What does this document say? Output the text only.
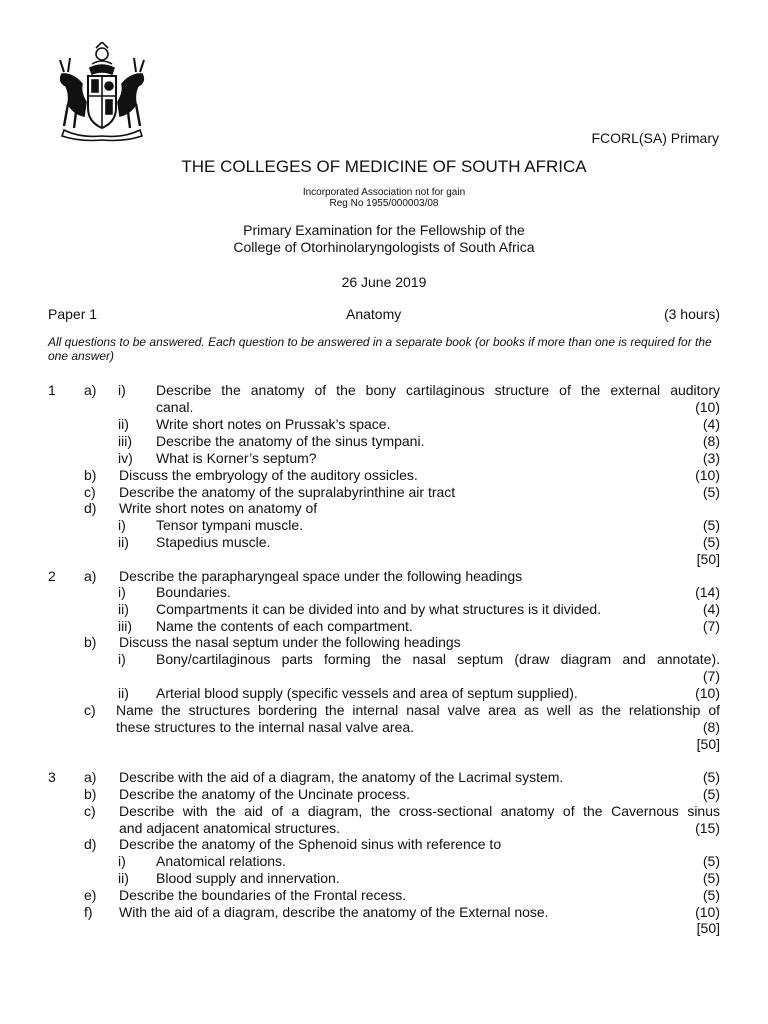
FCORL(SA) Primary
THE COLLEGES OF MEDICINE OF SOUTH AFRICA
Incorporated Association not for gain
Reg No 1955/000003/08
Primary Examination for the Fellowship of the
College of Otorhinolaryngologists of South Africa
26 June 2019
Paper 1	Anatomy	(3 hours)
All questions to be answered. Each question to be answered in a separate book (or books if more than one is required for the one answer)
1 a) i) Describe the anatomy of the bony cartilaginous structure of the external auditory
canal.	(10)
ii) Write short notes on Prussak’s space.	(4)
iii) Describe the anatomy of the sinus tympani.	(8)
iv) What is Korner’s septum?	(3)
b) Discuss the embryology of the auditory ossicles.	(10)
c) Describe the anatomy of the supralabyrinthine air tract	(5)
d) Write short notes on anatomy of
i) Tensor tympani muscle.	(5)
ii) Stapedius muscle.	(5)
[50]
2 a) Describe the parapharyngeal space under the following headings
i) Boundaries.	(14)
ii) Compartments it can be divided into and by what structures is it divided.	(4)
iii) Name the contents of each compartment.	(7)
b) Discuss the nasal septum under the following headings
i) Bony/cartilaginous parts forming the nasal septum (draw diagram and annotate).
(7)
ii) Arterial blood supply (specific vessels and area of septum supplied).	(10)
c) Name the structures bordering the internal nasal valve area as well as the relationship of
these structures to the internal nasal valve area.	(8)
[50]
3 a) Describe with the aid of a diagram, the anatomy of the Lacrimal system.	(5)
b) Describe the anatomy of the Uncinate process.	(5)
c) Describe with the aid of a diagram, the cross-sectional anatomy of the Cavernous sinus
and adjacent anatomical structures.	(15)
d) Describe the anatomy of the Sphenoid sinus with reference to
i) Anatomical relations.	(5)
ii) Blood supply and innervation.	(5)
e) Describe the boundaries of the Frontal recess.	(5)
f) With the aid of a diagram, describe the anatomy of the External nose.	(10)
[50]
